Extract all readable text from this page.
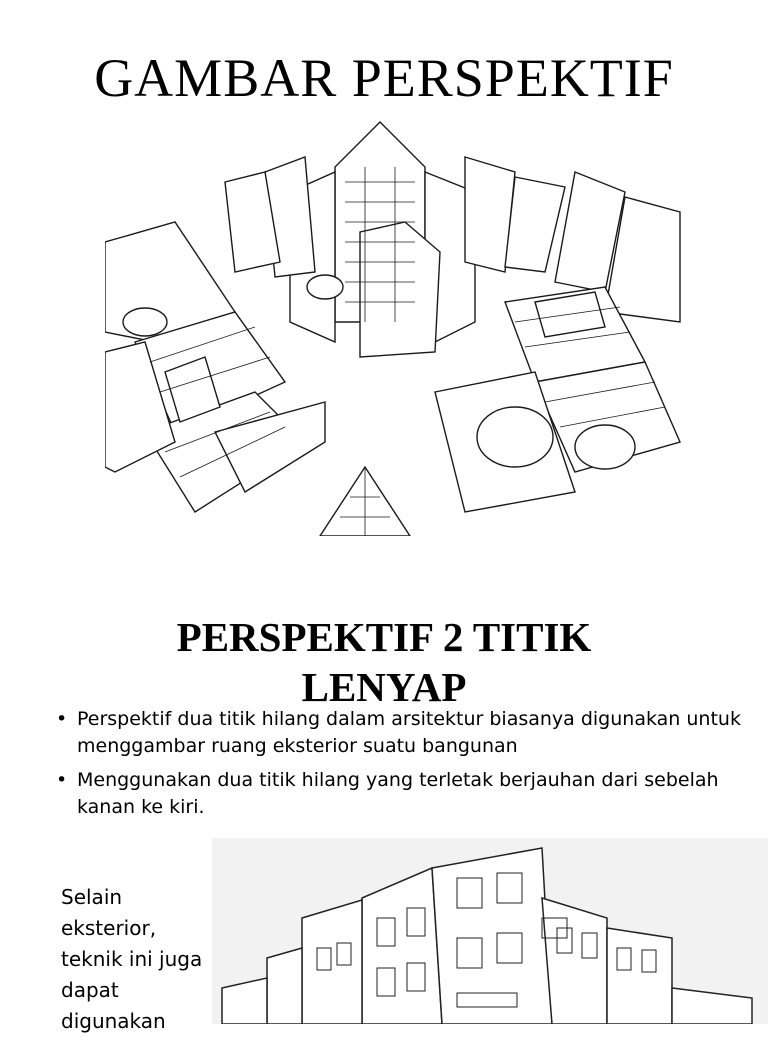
GAMBAR PERSPEKTIF
PERSPEKTIF 2 TITIK
LENYAP
• Perspektif dua titik hilang dalam arsitektur biasanya digunakan untuk menggambar ruang eksterior suatu bangunan
• Menggunakan dua titik hilang yang terletak berjauhan dari sebelah kanan ke kiri.
Selain
eksterior,
teknik ini juga
dapat
digunakan
